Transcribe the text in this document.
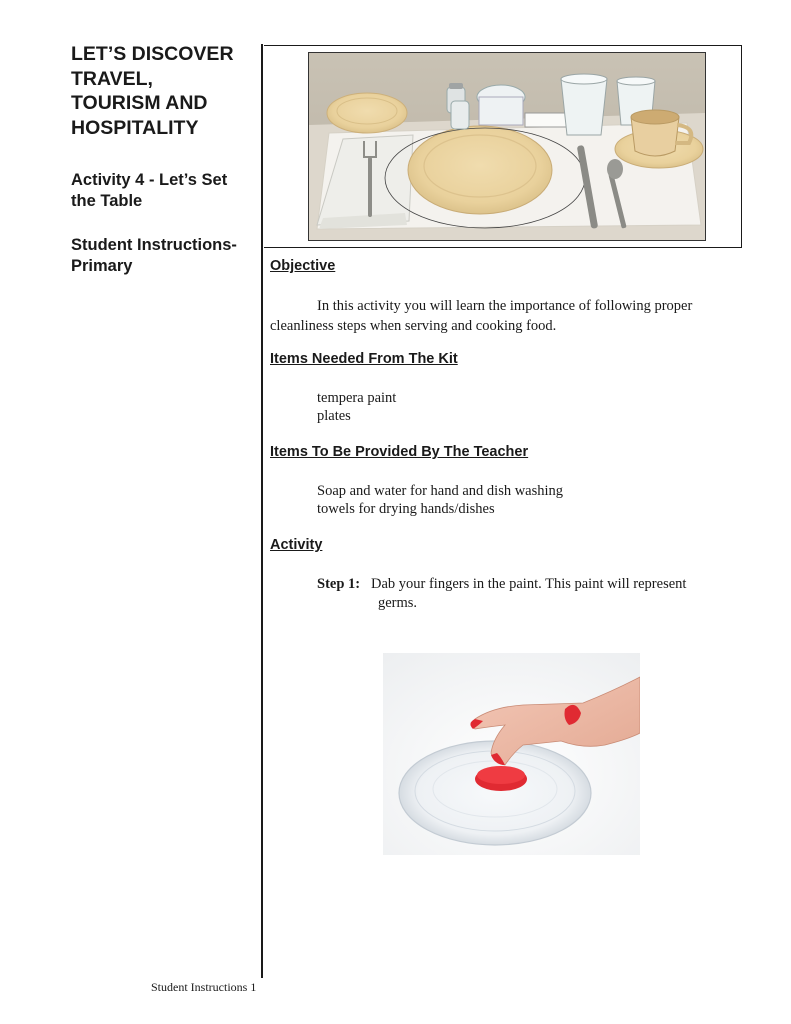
LET’S DISCOVER
TRAVEL,
TOURISM AND
HOSPITALITY
Activity 4 - Let’s Set
the Table
Student Instructions-
Primary	Objective

In this activity you will learn the importance of following proper cleanliness steps when serving and cooking food.

Items Needed From The Kit
tempera paint
plates
Items To Be Provided By The Teacher
Soap and water for hand and dish washing
towels for drying hands/dishes
Activity
Step 1: Dab your fingers in the paint. This paint will represent
germs.
Student Instructions 1
